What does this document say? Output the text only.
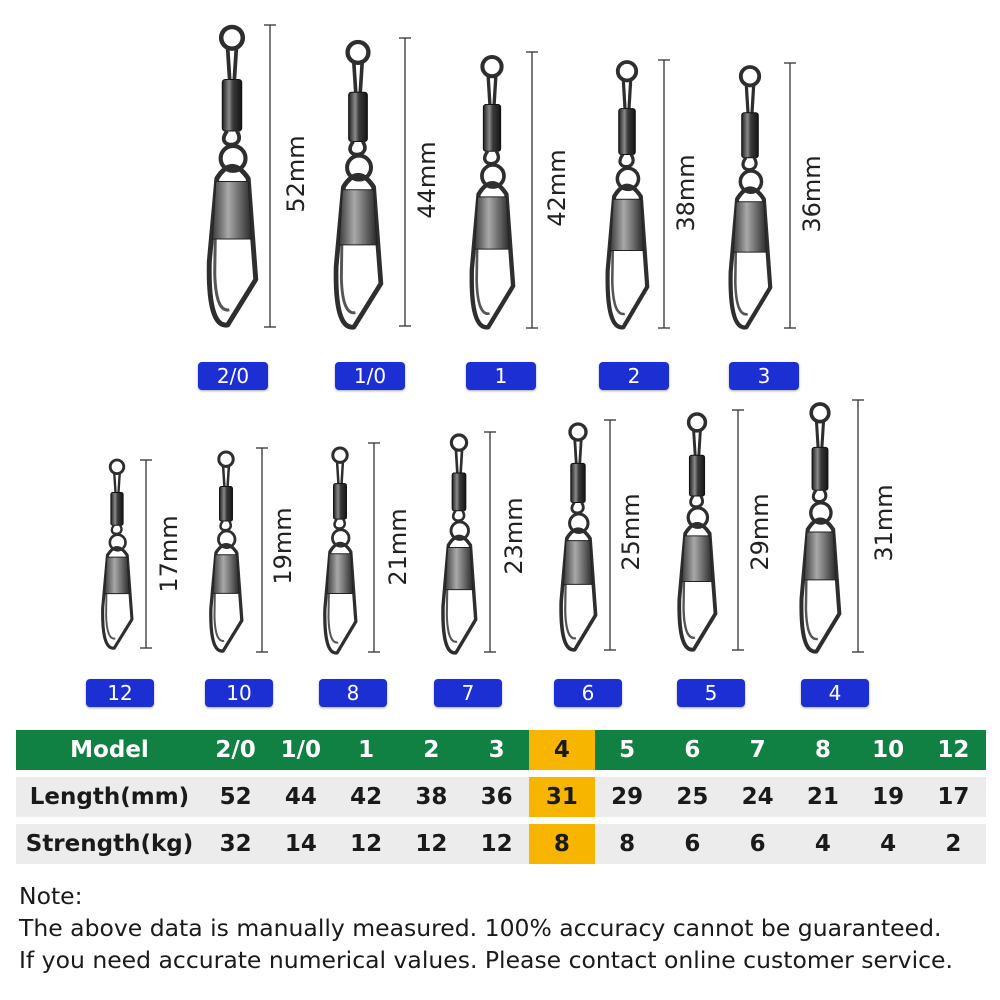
2/0	1/0	1	2	3
12	10	8	7	6	5	4
52mm	44mm	42mm	38mm	36mm
17mm	19mm	21mm	23mm	25mm	29mm	31mm
Model	2/0	1/0	1	2	3	4	5	6	7	8	10	12

Length(mm)	52	44	42	38	36	31	29	25	24	21	19	17

Strength(kg)	32	14	12	12	12	8	8	6	6	4	4	2
Note:
The above data is manually measured. 100% accuracy cannot be guaranteed.
If you need accurate numerical values. Please contact online customer service.
